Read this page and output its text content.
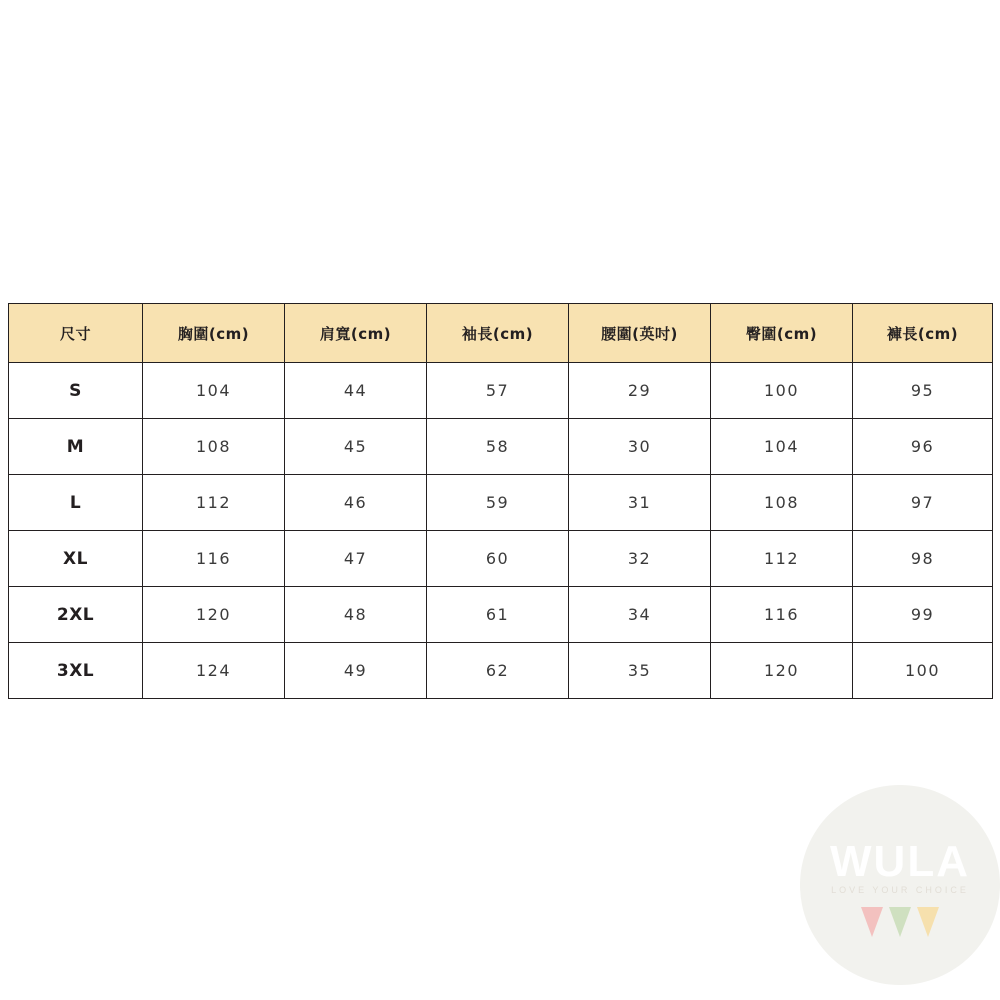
尺寸	胸圍(cm)	肩寬(cm)	袖長(cm)	腰圍(英吋)	臀圍(cm)	褲長(cm)
S	104	44	57	29	100	95
M	108	45	58	30	104	96
L	112	46	59	31	108	97
XL	116	47	60	32	112	98
2XL	120	48	61	34	116	99
3XL	124	49	62	35	120	100
WULA
LOVE YOUR CHOICE
